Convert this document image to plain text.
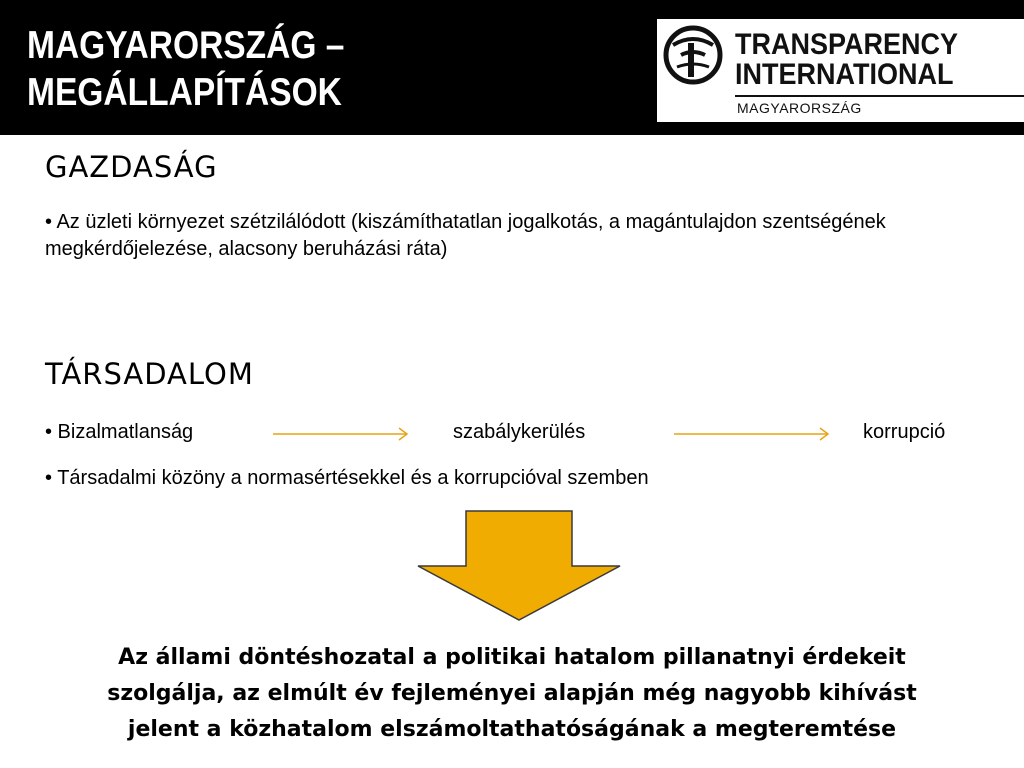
MAGYARORSZÁG –
MEGÁLLAPÍTÁSOK
TRANSPARENCY
INTERNATIONAL
MAGYARORSZÁG
GAZDASÁG
• Az üzleti környezet szétzilálódott (kiszámíthatatlan jogalkotás, a magántulajdon szentségének megkérdőjelezése, alacsony beruházási ráta)
TÁRSADALOM
• Bizalmatlanság	szabálykerülés	korrupció
• Társadalmi közöny a normasértésekkel és a korrupcióval szemben

Az állami döntéshozatal a politikai hatalom pillanatnyi érdekeit
szolgálja, az elmúlt év fejleményei alapján még nagyobb kihívást
jelent a közhatalom elszámoltathatóságának a megteremtése
